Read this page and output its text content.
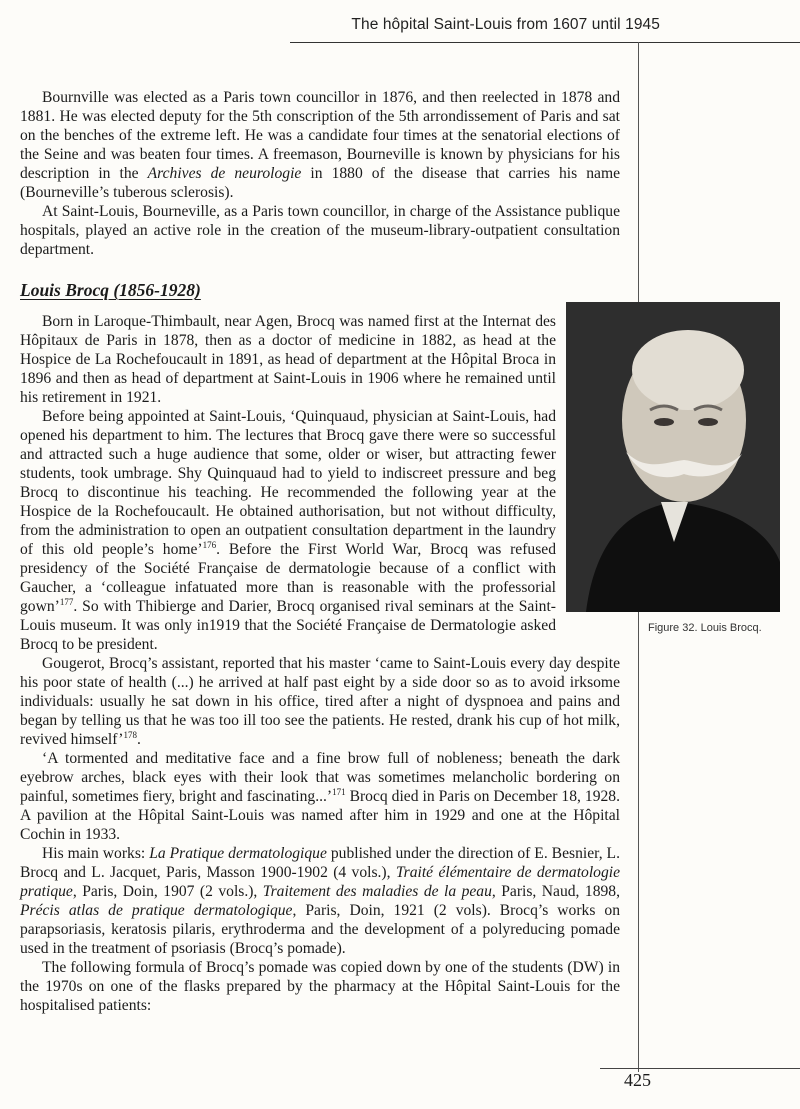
The hôpital Saint-Louis from 1607 until 1945

Bournville was elected as a Paris town councillor in 1876, and then reelected in 1878 and 1881. He was elected deputy for the 5th conscription of the 5th arrondissement of Paris and sat on the benches of the extreme left. He was a candidate four times at the senatorial elections of the Seine and was beaten four times. A freemason, Bourneville is known by physicians for his description in the Archives de neurologie in 1880 of the disease that carries his name (Bourneville’s tuberous sclerosis).

At Saint-Louis, Bourneville, as a Paris town councillor, in charge of the Assistance publique hospitals, played an active role in the creation of the museum-library-outpatient consultation department.

Louis Brocq (1856-1928)

Born in Laroque-Thimbault, near Agen, Brocq was named first at the Internat des Hôpitaux de Paris in 1878, then as a doctor of medicine in 1882, as head at the Hospice de La Rochefoucault in 1891, as head of department at the Hôpital Broca in 1896 and then as head of department at Saint-Louis in 1906 where he remained until his retirement in 1921.

Before being appointed at Saint-Louis, ‘Quinquaud, physician at Saint-Louis, had opened his department to him. The lectures that Brocq gave there were so successful and attracted such a huge audience that some, older or wiser, but attracting fewer students, took umbrage. Shy Quinquaud had to yield to indiscreet pressure and beg Brocq to discontinue his teaching. He recommended the following year at the Hospice de la Rochefoucault. He obtained authorisation, but not without difficulty, from the administration to open an outpatient consultation department in the laundry of this old people’s home’$^{176}$. Before the First World War, Brocq was refused presidency of the Société Française de dermatologie because of a conflict with Gaucher, a ‘colleague infatuated more than is reasonable with the professorial gown’$^{177}$. So with Thibierge and Darier, Brocq organised rival seminars at the Saint-Louis museum. It was only in1919 that the Société Française de Dermatologie asked Brocq to be president.

Gougerot, Brocq’s assistant, reported that his master ‘came to Saint-Louis every day despite his poor state of health (...) he arrived at half past eight by a side door so as to avoid irksome individuals: usually he sat down in his office, tired after a night of dyspnoea and pains and began by telling us that he was too ill too see the patients. He rested, drank his cup of hot milk, revived himself’$^{178}$.

‘A tormented and meditative face and a fine brow full of nobleness; beneath the dark eyebrow arches, black eyes with their look that was sometimes melancholic bordering on painful, sometimes fiery, bright and fascinating...’$^{171}$ Brocq died in Paris on December 18, 1928. A pavilion at the Hôpital Saint-Louis was named after him in 1929 and one at the Hôpital Cochin in 1933.

His main works: La Pratique dermatologique published under the direction of E. Besnier, L. Brocq and L. Jacquet, Paris, Masson 1900-1902 (4 vols.), Traité élémentaire de dermatologie pratique, Paris, Doin, 1907 (2 vols.), Traitement des maladies de la peau, Paris, Naud, 1898, Précis atlas de pratique dermatologique, Paris, Doin, 1921 (2 vols). Brocq’s works on parapsoriasis, keratosis pilaris, erythroderma and the development of a polyreducing pomade used in the treatment of psoriasis (Brocq’s pomade).

The following formula of Brocq’s pomade was copied down by one of the students (DW) in the 1970s on one of the flasks prepared by the pharmacy at the Hôpital Saint-Louis for the hospitalised patients:

Figure 32. Louis Brocq.
425
